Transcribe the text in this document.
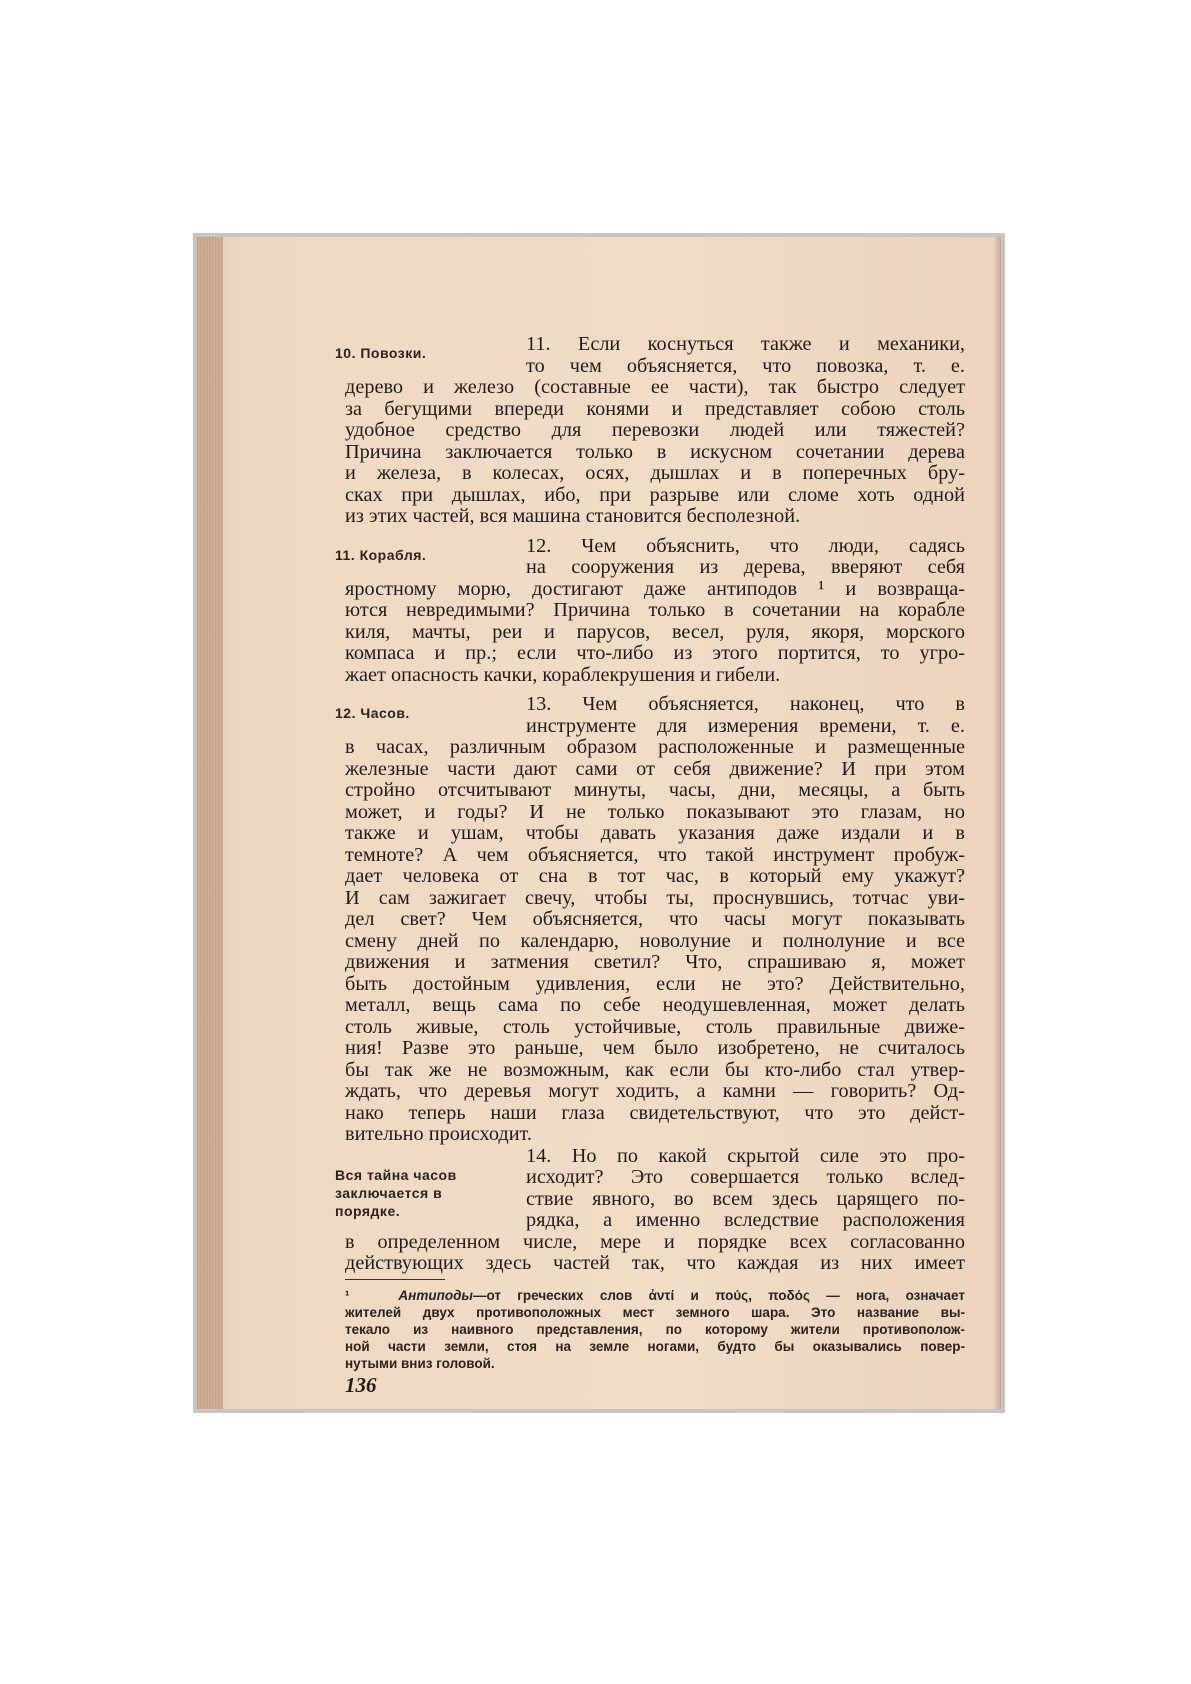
10. Повозки.	11. Если коснуться также и механики,
то чем объясняется, что повозка, т. е.
дерево и железо (составные ее части), так быстро следует
за бегущими впереди конями и представляет собою столь
удобное средство для перевозки людей или тяжестей?
Причина заключается только в искусном сочетании дерева
и железа, в колесах, осях, дышлах и в поперечных бру-
сках при дышлах, ибо, при разрыве или сломе хоть одной
из этих частей, вся машина становится бесполезной.

11. Корабля.	12. Чем объяснить, что люди, садясь
на сооружения из дерева, вверяют себя
яростному морю, достигают даже антиподов ¹ и возвраща-
ются невредимыми? Причина только в сочетании на корабле
киля, мачты, реи и парусов, весел, руля, якоря, морского
компаса и пр.; если что-либо из этого портится, то угро-
жает опасность качки, кораблекрушения и гибели.

12. Часов.	13. Чем объясняется, наконец, что в
инструменте для измерения времени, т. е.
в часах, различным образом расположенные и размещенные
железные части дают сами от себя движение? И при этом
стройно отсчитывают минуты, часы, дни, месяцы, а быть
может, и годы? И не только показывают это глазам, но
также и ушам, чтобы давать указания даже издали и в
темноте? А чем объясняется, что такой инструмент пробуж-
дает человека от сна в тот час, в который ему укажут?
И сам зажигает свечу, чтобы ты, проснувшись, тотчас уви-
дел свет? Чем объясняется, что часы могут показывать
смену дней по календарю, новолуние и полнолуние и все
движения и затмения светил? Что, спрашиваю я, может
быть достойным удивления, если не это? Действительно,
металл, вещь сама по себе неодушевленная, может делать
столь живые, столь устойчивые, столь правильные движе-
ния! Разве это раньше, чем было изобретено, не считалось
бы так же не возможным, как если бы кто-либо стал утвер-
ждать, что деревья могут ходить, а камни — говорить? Од-
нако теперь наши глаза свидетельствуют, что это дейст-
вительно происходит.

Вся тайна часов заключается в порядке.

14. Но по какой скрытой силе это про-
исходит? Это совершается только вслед-
ствие явного, во всем здесь царящего по-
рядка, а именно вследствие расположения
в определенном числе, мере и порядке всех согласованно
действующих здесь частей так, что каждая из них имеет

¹	Антиподы—от греческих слов ἀντί и πούς, ποδός — нога, означает
жителей двух противоположных мест земного шара. Это название вы-
текало из наивного представления, по которому жители противополож-
ной части земли, стоя на земле ногами, будто бы оказывались повер-
нутыми вниз головой.
136
